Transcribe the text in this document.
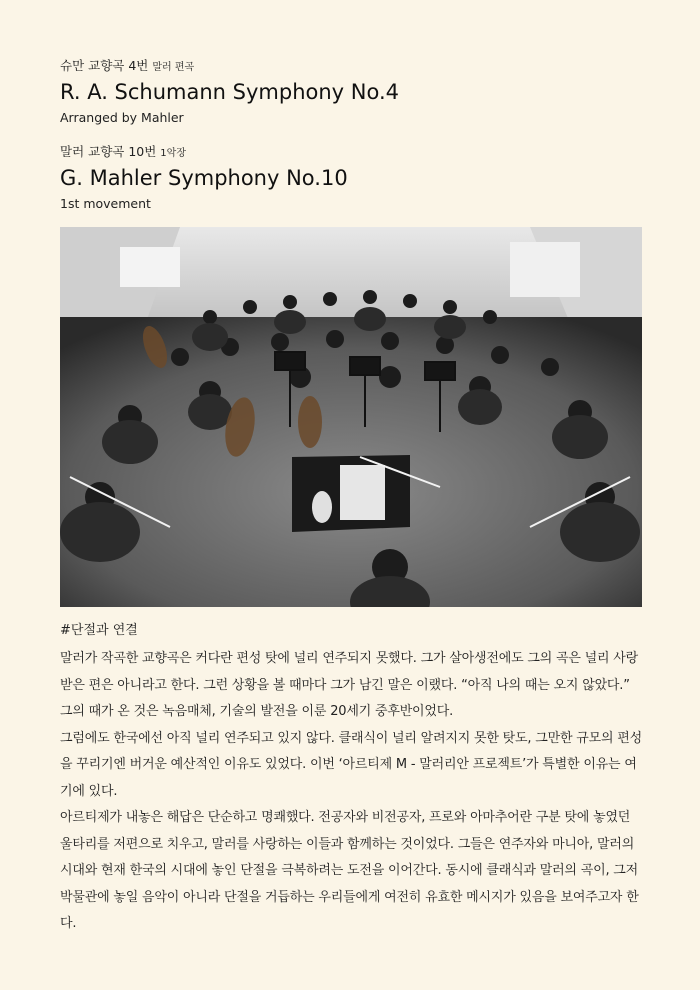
슈만 교향곡 4번 말러 편곡
R. A. Schumann Symphony No.4
Arranged by Mahler
말러 교향곡 10번 1악장
G. Mahler Symphony No.10
1st movement
#단절과 연결

말러가 작곡한 교향곡은 커다란 편성 탓에 널리 연주되지 못했다. 그가 살아생전에도 그의 곡은 널리 사랑받은 편은 아니라고 한다. 그런 상황을 볼 때마다 그가 남긴 말은 이랬다. “아직 나의 때는 오지 않았다.” 그의 때가 온 것은 녹음매체, 기술의 발전을 이룬 20세기 중후반이었다.

그럼에도 한국에선 아직 널리 연주되고 있지 않다. 클래식이 널리 알려지지 못한 탓도, 그만한 규모의 편성을 꾸리기엔 버거운 예산적인 이유도 있었다. 이번 ‘아르티제 M - 말러리안 프로젝트’가 특별한 이유는 여기에 있다.

아르티제가 내놓은 해답은 단순하고 명쾌했다. 전공자와 비전공자, 프로와 아마추어란 구분 탓에 놓였던 울타리를 저편으로 치우고, 말러를 사랑하는 이들과 함께하는 것이었다. 그들은 연주자와 마니아, 말러의 시대와 현재 한국의 시대에 놓인 단절을 극복하려는 도전을 이어간다. 동시에 클래식과 말러의 곡이, 그저 박물관에 놓일 음악이 아니라 단절을 거듭하는 우리들에게 여전히 유효한 메시지가 있음을 보여주고자 한다.
